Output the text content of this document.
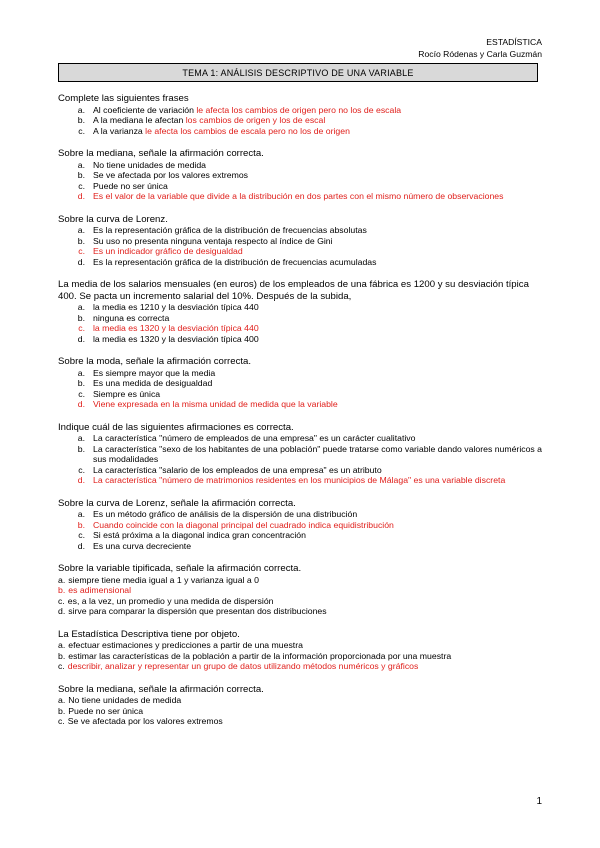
ESTADÍSTICA
Rocío Ródenas y Carla Guzmán
TEMA 1: ANÁLISIS DESCRIPTIVO DE UNA VARIABLE
Complete las siguientes frases
a. Al coeficiente de variación le afecta los cambios de origen pero no los de escala
b. A la mediana le afectan los cambios de origen y los de escal
c. A la varianza le afecta los cambios de escala pero no los de origen
Sobre la mediana, señale la afirmación correcta.
a. No tiene unidades de medida
b. Se ve afectada por los valores extremos
c. Puede no ser única
d. Es el valor de la variable que divide a la distribución en dos partes con el mismo número de observaciones
Sobre la curva de Lorenz.
a. Es la representación gráfica de la distribución de frecuencias absolutas
b. Su uso no presenta ninguna ventaja respecto al índice de Gini
c. Es un indicador gráfico de desigualdad
d. Es la representación gráfica de la distribución de frecuencias acumuladas
La media de los salarios mensuales (en euros) de los empleados de una fábrica es 1200 y su desviación típica 400. Se pacta un incremento salarial del 10%. Después de la subida,
a. la media es 1210 y la desviación típica 440
b. ninguna es correcta
c. la media es 1320 y la desviación típica 440
d. la media es 1320 y la desviación típica 400
Sobre la moda, señale la afirmación correcta.
a. Es siempre mayor que la media
b. Es una medida de desigualdad
c. Siempre es única
d. Viene expresada en la misma unidad de medida que la variable
Indique cuál de las siguientes afirmaciones es correcta.
a. La característica "número de empleados de una empresa" es un carácter cualitativo
b. La característica "sexo de los habitantes de una población" puede tratarse como variable dando valores numéricos a sus modalidades
c. La característica "salario de los empleados de una empresa" es un atributo
d. La característica "número de matrimonios residentes en los municipios de Málaga" es una variable discreta
Sobre la curva de Lorenz, señale la afirmación correcta.
a. Es un método gráfico de análisis de la dispersión de una distribución
b. Cuando coincide con la diagonal principal del cuadrado indica equidistribución
c. Si está próxima a la diagonal indica gran concentración
d. Es una curva decreciente
Sobre la variable tipificada, señale la afirmación correcta.
a. siempre tiene media igual a 1 y varianza igual a 0
b. es adimensional
c. es, a la vez, un promedio y una medida de dispersión
d. sirve para comparar la dispersión que presentan dos distribuciones
La Estadística Descriptiva tiene por objeto.
a. efectuar estimaciones y predicciones a partir de una muestra
b. estimar las características de la población a partir de la información proporcionada por una muestra
c. describir, analizar y representar un grupo de datos utilizando métodos numéricos y gráficos
Sobre la mediana, señale la afirmación correcta.
a. No tiene unidades de medida
b. Puede no ser única
c. Se ve afectada por los valores extremos
1
